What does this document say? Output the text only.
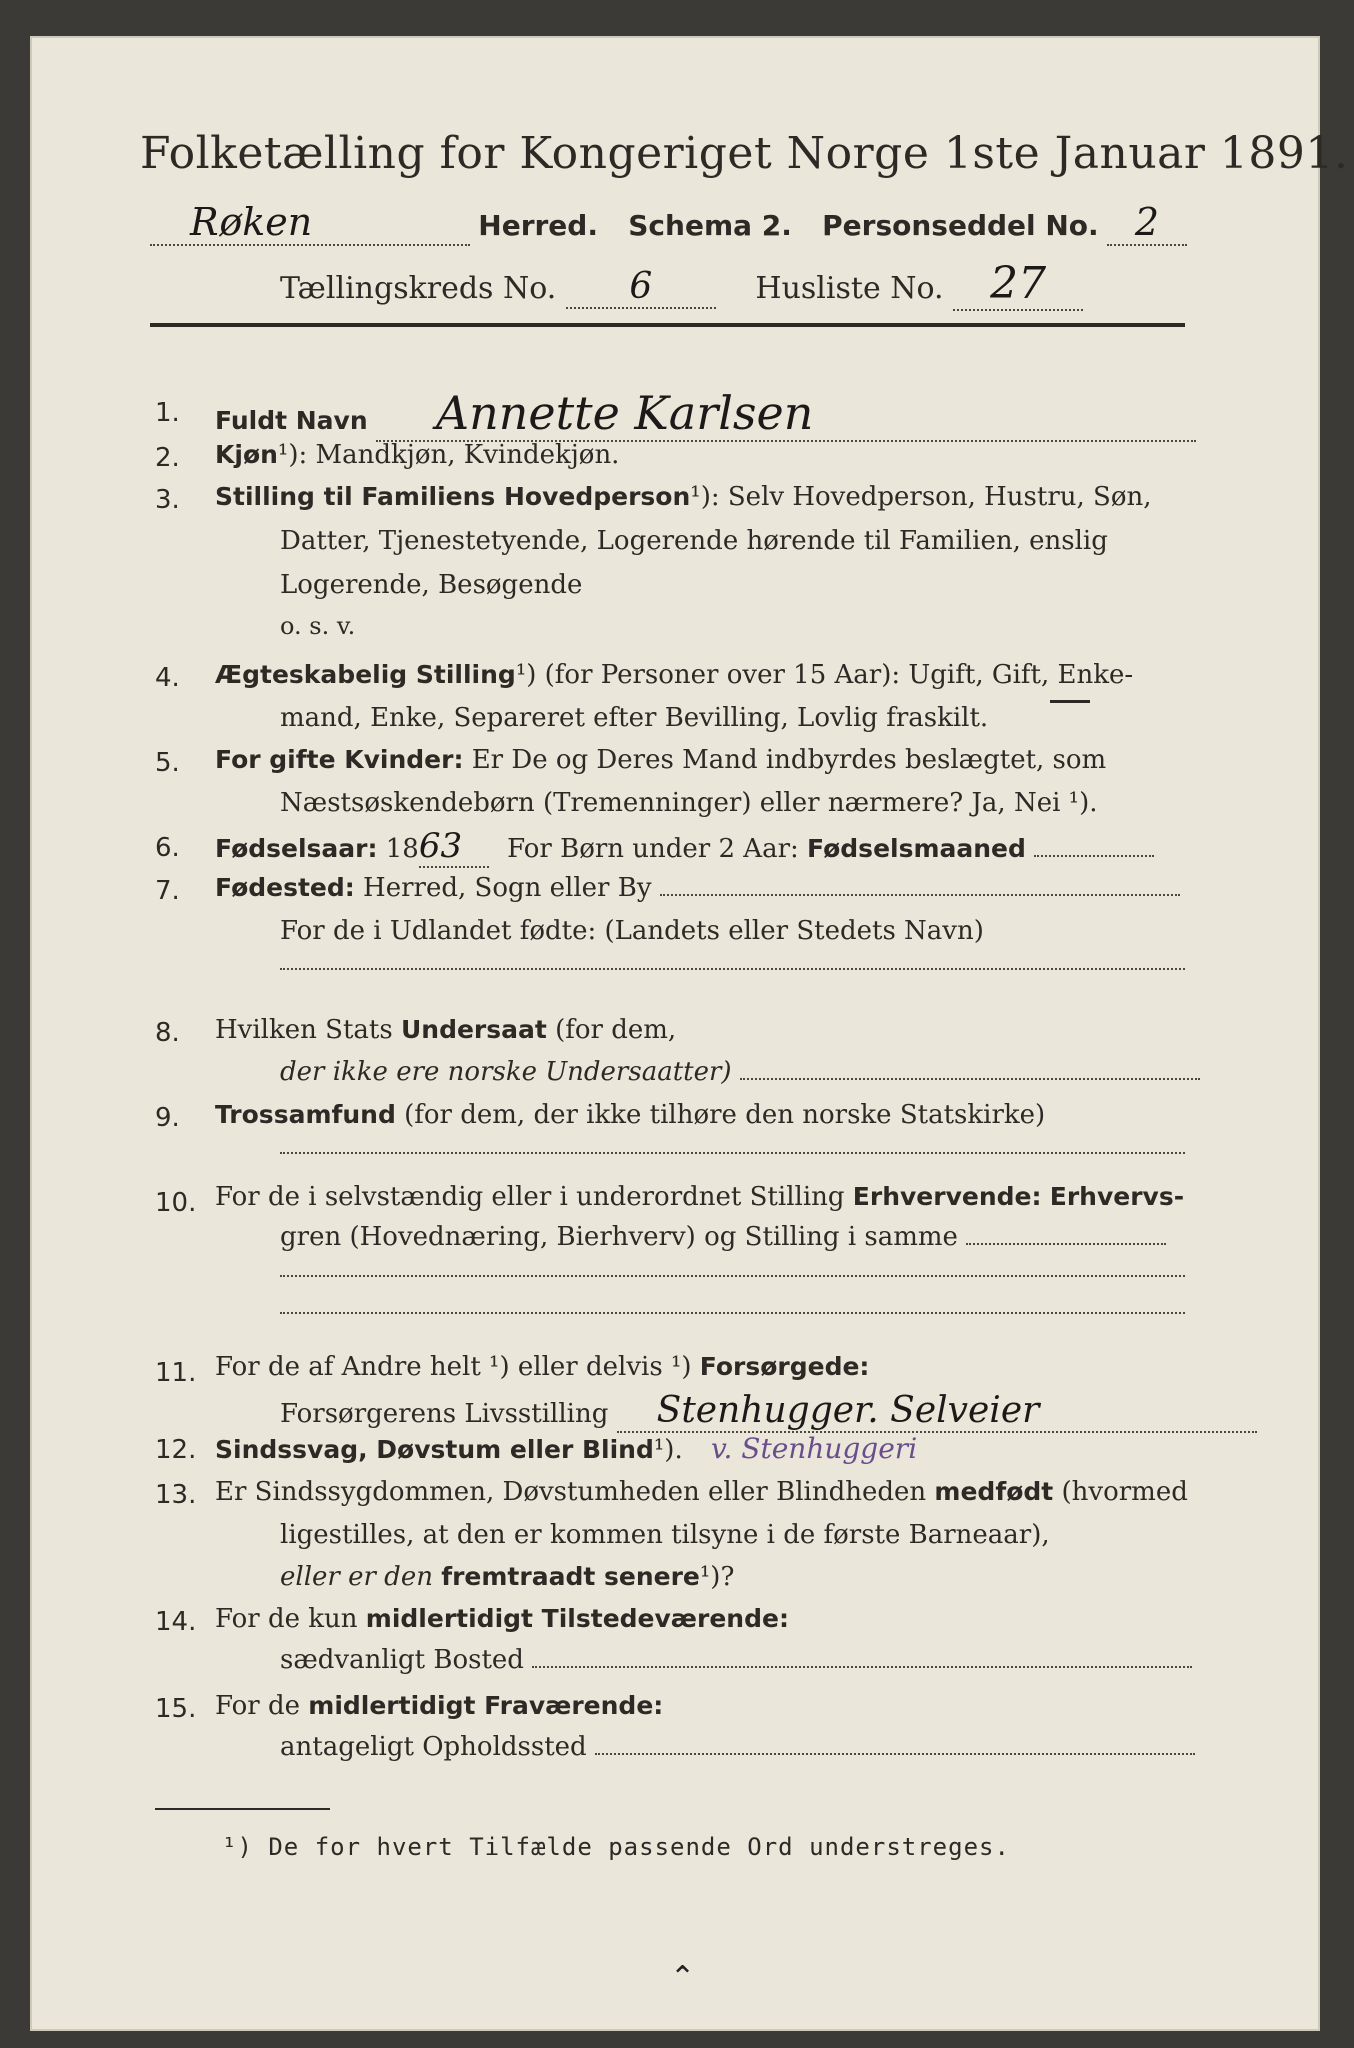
Folketælling for Kongeriget Norge 1ste Januar 1891.
Røken	Herred. Schema 2. Personseddel No. 2
Tællingskreds No. 6	Husliste No. 27
1. Fuldt Navn Annette Karlsen
2. Kjøn¹): Mandkjøn, Kvindekjøn.
3. Stilling til Familiens Hovedperson¹): Selv Hovedperson, Hustru, Søn,
Datter, Tjenestetyende, Logerende hørende til Familien, enslig
Logerende, Besøgende
o. s. v.
4. Ægteskabelig Stilling¹) (for Personer over 15 Aar): Ugift, Gift, Enke-
mand, Enke, Separeret efter Bevilling, Lovlig fraskilt.
5. For gifte Kvinder: Er De og Deres Mand indbyrdes beslægtet, som
Næstsøskendebørn (Tremenninger) eller nærmere? Ja, Nei ¹).
6. Fødselsaar: 1863 For Børn under 2 Aar: Fødselsmaaned
7. Fødested: Herred, Sogn eller By
For de i Udlandet fødte: (Landets eller Stedets Navn)
8. Hvilken Stats Undersaat (for dem,
der ikke ere norske Undersaatter)
9. Trossamfund (for dem, der ikke tilhøre den norske Statskirke)
10. For de i selvstændig eller i underordnet Stilling Erhvervende: Erhvervs-
gren (Hovednæring, Bierhverv) og Stilling i samme
11. For de af Andre helt ¹) eller delvis ¹) Forsørgede:
Forsørgerens Livsstilling Stenhugger. Selveier
12. Sindssvag, Døvstum eller Blind¹). v. Stenhuggeri
13. Er Sindssygdommen, Døvstumheden eller Blindheden medfødt (hvormed
ligestilles, at den er kommen tilsyne i de første Barneaar),
eller er den fremtraadt senere¹)?
14. For de kun midlertidigt Tilstedeværende:
sædvanligt Bosted
15. For de midlertidigt Fraværende:
antageligt Opholdssted
¹) De for hvert Tilfælde passende Ord understreges.
⌃
